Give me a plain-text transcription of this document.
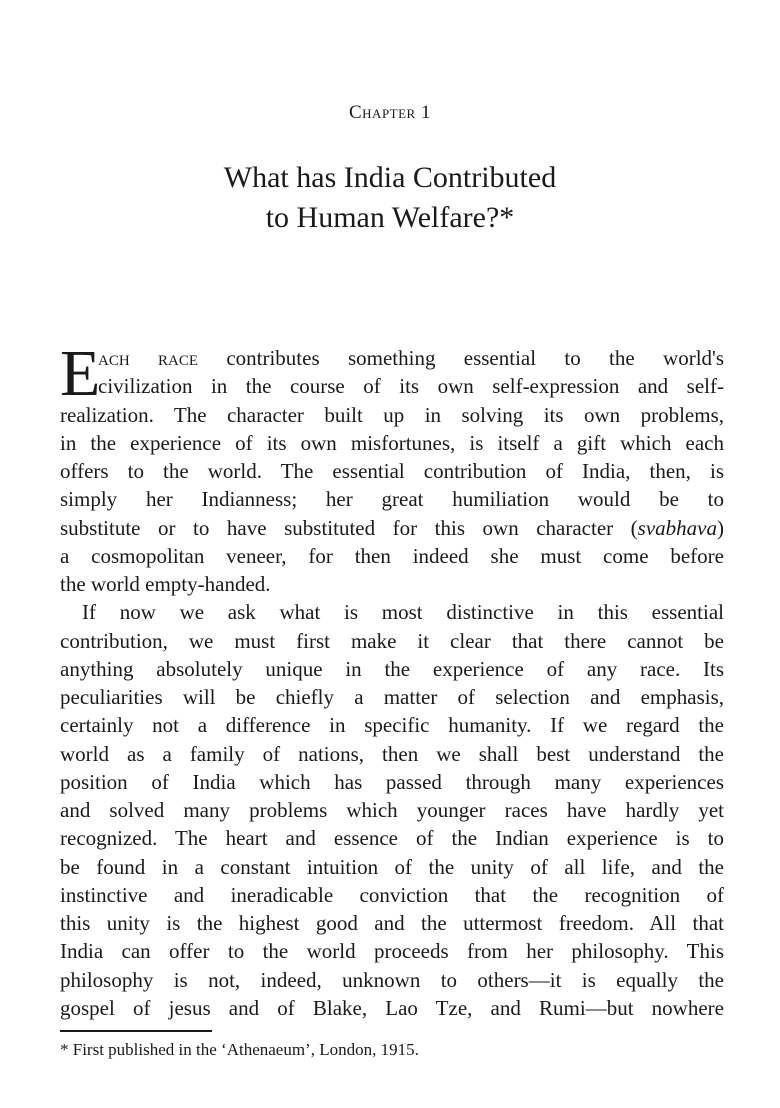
Chapter 1
What has India Contributed
to Human Welfare?*
E
ach race contributes something essential to the world's
civilization in the course of its own self-expression and self-
realization. The character built up in solving its own problems,
in the experience of its own misfortunes, is itself a gift which each
offers to the world. The essential contribution of India, then, is
simply her Indianness; her great humiliation would be to
substitute or to have substituted for this own character (svabhava)
a cosmopolitan veneer, for then indeed she must come before
the world empty-handed.
If now we ask what is most distinctive in this essential
contribution, we must first make it clear that there cannot be
anything absolutely unique in the experience of any race. Its
peculiarities will be chiefly a matter of selection and emphasis,
certainly not a difference in specific humanity. If we regard the
world as a family of nations, then we shall best understand the
position of India which has passed through many experiences
and solved many problems which younger races have hardly yet
recognized. The heart and essence of the Indian experience is to
be found in a constant intuition of the unity of all life, and the
instinctive and ineradicable conviction that the recognition of
this unity is the highest good and the uttermost freedom. All that
India can offer to the world proceeds from her philosophy. This
philosophy is not, indeed, unknown to others—it is equally the
gospel of jesus and of Blake, Lao Tze, and Rumi—but nowhere
* First published in the ‘Athenaeum’, London, 1915.
